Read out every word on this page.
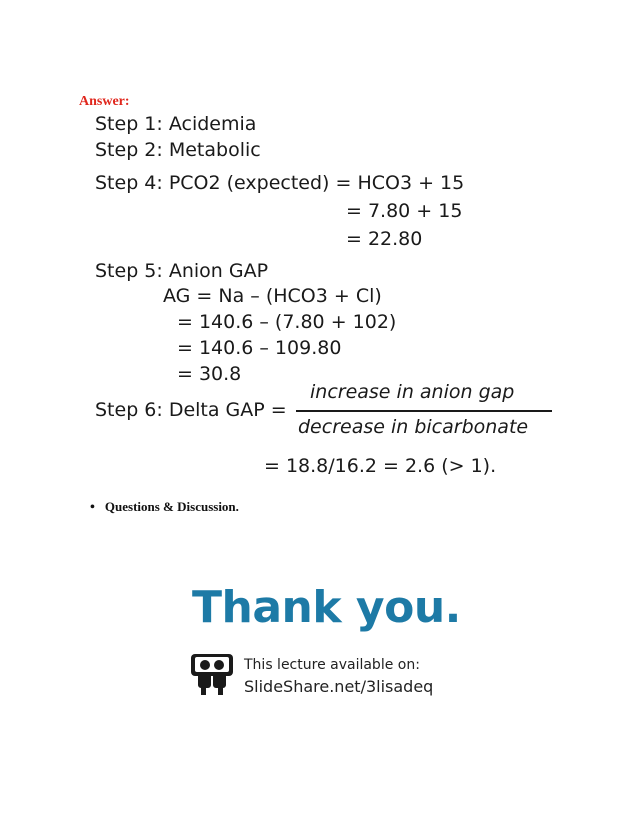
Answer:
Step 1: Acidemia
Step 2: Metabolic
Step 4: PCO2 (expected) = HCO3 + 15
= 7.80 + 15
= 22.80
Step 5: Anion GAP
AG = Na – (HCO3 + Cl)
= 140.6 – (7.80 + 102)
= 140.6 – 109.80
= 30.8
Step 6: Delta GAP =
increase in anion gap
decrease in bicarbonate
= 18.8/16.2 = 2.6 (> 1).
• Questions & Discussion.
Thank you.
This lecture available on:
SlideShare.net/3lisadeq
